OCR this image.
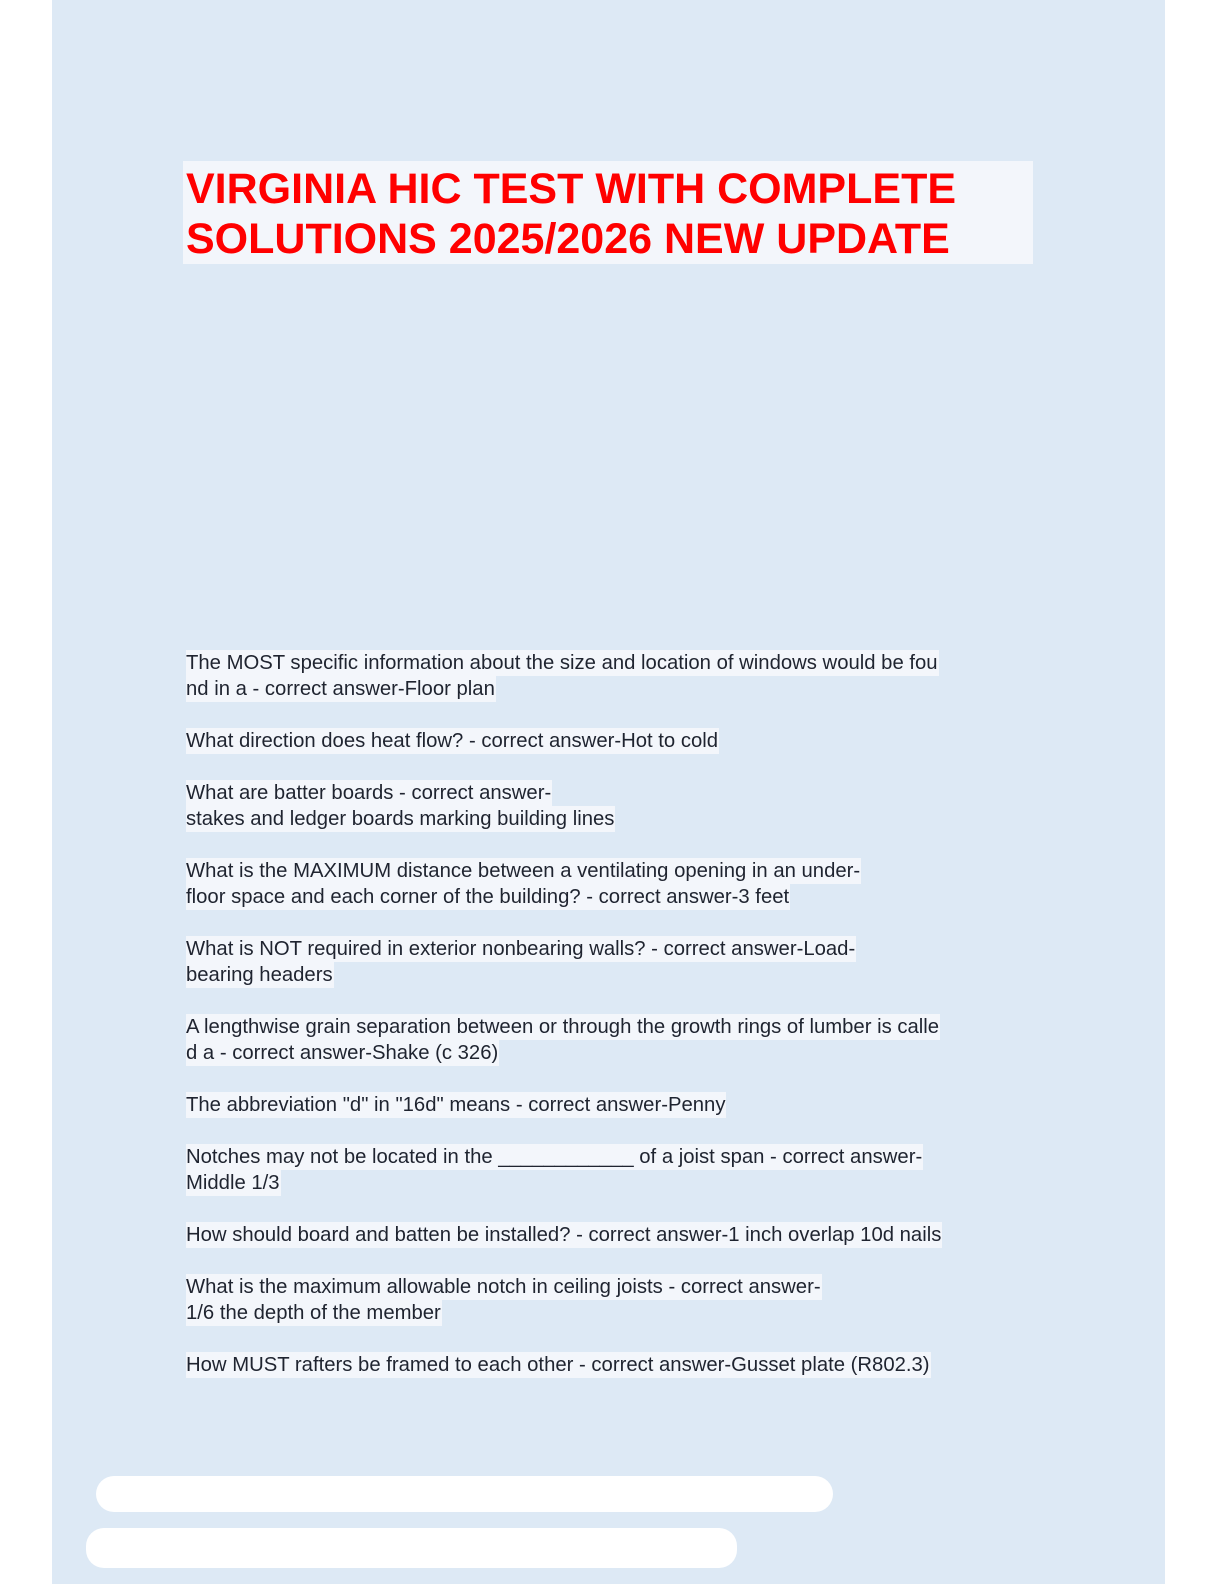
VIRGINIA HIC TEST WITH COMPLETE
SOLUTIONS 2025/2026 NEW UPDATE
The MOST specific information about the size and location of windows would be fou
nd in a - correct answer-Floor plan
What direction does heat flow? - correct answer-Hot to cold
What are batter boards - correct answer-
stakes and ledger boards marking building lines
What is the MAXIMUM distance between a ventilating opening in an under-
floor space and each corner of the building? - correct answer-3 feet
What is NOT required in exterior nonbearing walls? - correct answer-Load-
bearing headers
A lengthwise grain separation between or through the growth rings of lumber is calle
d a - correct answer-Shake (c 326)
The abbreviation "d" in "16d" means - correct answer-Penny
Notches may not be located in the ____________ of a joist span - correct answer-
Middle 1/3
How should board and batten be installed? - correct answer-1 inch overlap 10d nails
What is the maximum allowable notch in ceiling joists - correct answer-
1/6 the depth of the member
How MUST rafters be framed to each other - correct answer-Gusset plate (R802.3)
